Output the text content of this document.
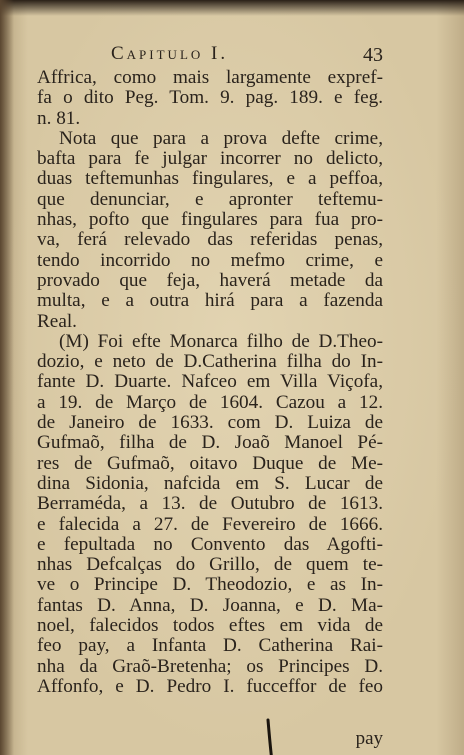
Capitulo I.	43
Affrica, como mais largamente expref-
fa o dito Peg. Tom. 9. pag. 189. e feg.
n. 81.
Nota que para a prova defte crime,
bafta para fe julgar incorrer no delicto,
duas teftemunhas fingulares, e a peffoa,
que denunciar, e apronter teftemu-
nhas, pofto que fingulares para fua pro-
va, ferá relevado das referidas penas,
tendo incorrido no mefmo crime, e
provado que feja, haverá metade da
multa, e a outra hirá para a fazenda
Real.
(M) Foi efte Monarca filho de D.Theo-
dozio, e neto de D.Catherina filha do In-
fante D. Duarte. Nafceo em Villa Viçofa,
a 19. de Março de 1604. Cazou a 12.
de Janeiro de 1633. com D. Luiza de
Gufmaõ, filha de D. Joaõ Manoel Pé-
res de Gufmaõ, oitavo Duque de Me-
dina Sidonia, nafcida em S. Lucar de
Berraméda, a 13. de Outubro de 1613.
e falecida a 27. de Fevereiro de 1666.
e fepultada no Convento das Agofti-
nhas Defcalças do Grillo, de quem te-
ve o Principe D. Theodozio, e as In-
fantas D. Anna, D. Joanna, e D. Ma-
noel, falecidos todos eftes em vida de
feo pay, a Infanta D. Catherina Rai-
nha da Graõ-Bretenha; os Principes D.
Affonfo, e D. Pedro I. fucceffor de feo
pay
